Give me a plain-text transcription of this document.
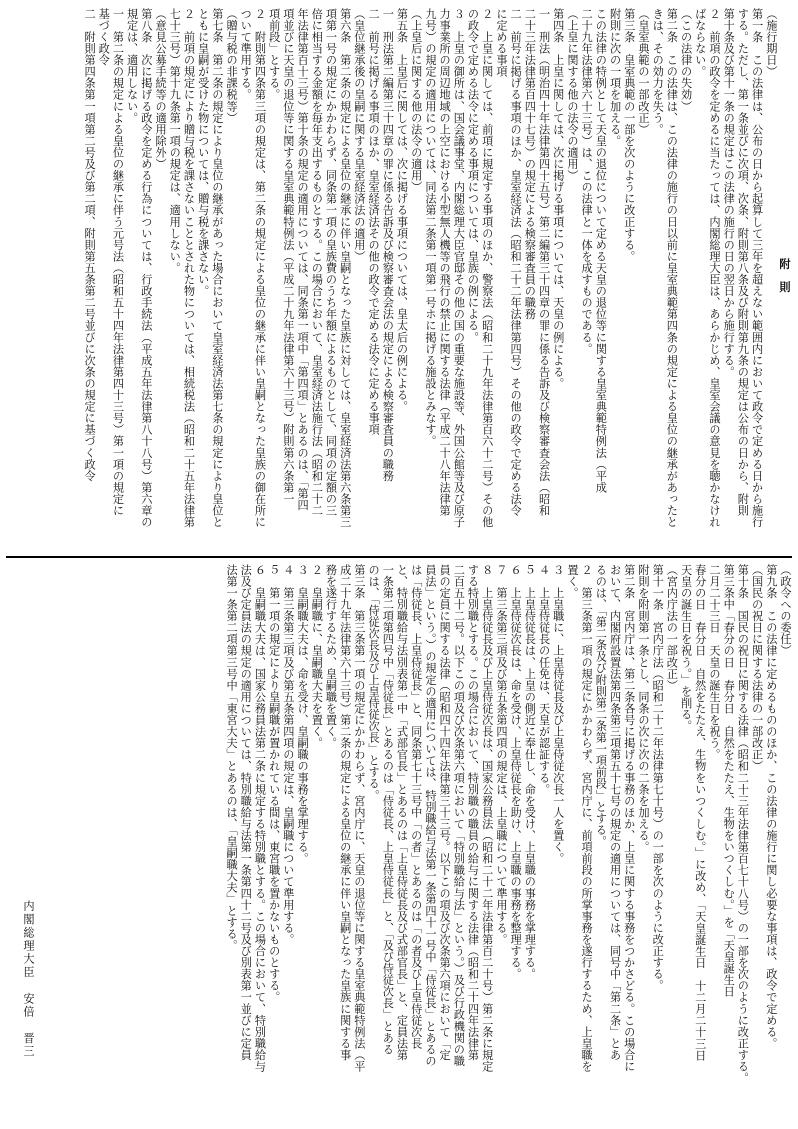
附　則
（施行期日）
第一条　この法律は、公布の日から起算して三年を超えない範囲内において政令で定める日から施行
する。ただし、第一条並びに次項、次条、附則第八条及び附則第九条の規定は公布の日から、附則
第十条及び第十一条の規定はこの法律の施行の日の翌日から施行する。
２　前項の政令を定めるに当たっては、内閣総理大臣は、あらかじめ、皇室会議の意見を聴かなけれ
ばならない。
（この法律の失効）
第二条　この法律は、この法律の施行の日以前に皇室典範第四条の規定による皇位の継承があったと
きは、その効力を失う。
（皇室典範の一部改正）
第三条　皇室典範の一部を次のように改正する。
附則に次の一項を加える。
この法律の特例として天皇の退位について定める天皇の退位等に関する皇室典範特例法（平成
二十九年法律第六十三号）は、この法律と一体を成すものである。
（上皇に関する他の法令の適用）
第四条　上皇に関しては、次に掲げる事項については、天皇の例による。
一　刑法（明治四十年法律第四十五号）第二編第三十四章の罪に係る告訴及び検察審査会法（昭和
二十三年法律第百四十七号）の規定による検察審査員の職務
二　前号に掲げる事項のほか、皇室経済法（昭和二十二年法律第四号）その他の政令で定める法令
に定める事項
２　上皇に関しては、前項に規定する事項のほか、警察法（昭和二十九年法律第百六十二号）その他
の政令で定める法令に定める事項については、皇族の例による。
３　上皇の御所は、国会議事堂、内閣総理大臣官邸その他の国の重要な施設等、外国公館等及び原子
力事業所の周辺地域の上空における小型無人機等の飛行の禁止に関する法律（平成二十八年法律第
九号）の規定の適用については、同法第二条第一項第一号ホに掲げる施設とみなす。
（上皇后に関する他の法令の適用）
第五条　上皇后に関しては、次に掲げる事項については、皇太后の例による。
一　刑法第二編第三十四章の罪に係る告訴及び検察審査会法の規定による検察審査員の職務
二　前号に掲げる事項のほか、皇室経済法その他の政令で定める法令に定める事項
（皇位継承後の皇嗣に関する皇室経済法の適用）
第六条　第二条の規定による皇位の継承に伴い皇嗣となった皇族に対しては、皇室経済法第六条第三
項第一号の規定にかかわらず、同条第一項の皇族費のうち年額によるものとして、同項の定額の三
倍に相当する金額を毎年支出するものとする。この場合において、皇室経済法施行法（昭和二十二
年法律第百十三号）第十条の規定の適用については、同条第一項中「第四項」とあるのは、「第四
項並びに天皇の退位等に関する皇室典範特例法（平成二十九年法律第六十三号）附則第六条第一
項前段」とする。
２　附則第四条第三項の規定は、第二条の規定による皇位の継承に伴い皇嗣となった皇族の御在所に
ついて準用する。
（贈与税の非課税等）
第七条　第二条の規定により皇位の継承があった場合において皇室経済法第七条の規定により皇位と
ともに皇嗣が受けた物については、贈与税を課さない。
２　前項の規定により贈与税を課さないこととされた物については、相続税法（昭和二十五年法律第
七十三号）第十九条第一項の規定は、適用しない。
（意見公募手続等の適用除外）
第八条　次に掲げる政令を定める行為については、行政手続法（平成五年法律第八十八号）第六章の
規定は、適用しない。
一　第二条の規定による皇位の継承に伴う元号法（昭和五十四年法律第四十三号）第一項の規定に
基づく政令
二　附則第四条第一項第二号及び第二項、附則第五条第二号並びに次条の規定に基づく政令
（政令への委任）
第九条　この法律に定めるもののほか、この法律の施行に関し必要な事項は、政令で定める。
（国民の祝日に関する法律の一部改正）
第十条　国民の祝日に関する法律（昭和二十三年法律第百七十八号）の一部を次のように改正する。
第三条中「春分の日　春分日　自然をたたえ、生物をいつくしむ。」を「天皇誕生日
二月二十三日　天皇の誕生日を祝う。
春分の日　春分日　自然をたたえ、生物をいつくしむ。」に改め、「天皇誕生日　十二月二十三日
天皇の誕生日を祝う。」を削る。
（宮内庁法の一部改正）
第十一条　宮内庁法（昭和二十二年法律第七十号）の一部を次のように改正する。
附則を附則第一条とし、同条の次に次の二条を加える。
第二条　宮内庁は、第二条各号に掲げる事務のほか、上皇に関する事務をつかさどる。この場合に
おいて、内閣府設置法第四条第三項第五十七号の規定の適用については、同号中「第二条」とあ
るのは、「第二条及び附則第二条第一項前段」とする。
２　第三条第一項の規定にかかわらず、宮内庁に、前項前段の所掌事務を遂行するため、上皇職を
置く。
３　上皇職に、上皇侍従長及び上皇侍従次長一人を置く。
４　上皇侍従長の任免は、天皇が認証する。
５　上皇侍従長は、上皇の側近に奉仕し、命を受け、上皇職の事務を掌理する。
６　上皇侍従次長は、命を受け、上皇侍従長を助け、上皇職の事務を整理する。
７　第三条第三項及び第五条第四項の規定は、上皇職について準用する。
８　上皇侍従長及び上皇侍従次長は、国家公務員法（昭和二十二年法律第百二十号）第二条に規定
する特別職とする。この場合において、特別職の職員の給与に関する法律（昭和二十四年法律第
二百五十二号。以下この項及び次条第六項において「特別職給与法」という。）及び行政機関の職
員の定員に関する法律（昭和四十四年法律第三十三号。以下この項及び次条第六項において「定
員法」という。）の規定の適用については、特別職給与法第一条第四十一号中「侍従長」とあるの
は「侍従長、上皇侍従長」と、同条第七十三号中「の者」とあるのは「の者及び上皇侍従次長
と、特別職給与法別表第一中「式部官長」とあるのは「上皇侍従長及び式部官長」と、定員法第
一条第二項第四号中「侍従長」とあるのは「侍従長、上皇侍従長」と、「及び侍従次長」とある
のは、「侍従次長及び上皇侍従次長」とする。
第三条　第三条第一項の規定にかかわらず、宮内庁に、天皇の退位等に関する皇室典範特例法（平
成二十九年法律第六十三号）第二条の規定による皇位の継承に伴い皇嗣となった皇族に関する事
務を遂行するため、皇嗣職を置く。
２　皇嗣職に、皇嗣職大夫を置く。
３　皇嗣職大夫は、命を受け、皇嗣職の事務を掌理する。
４　第三条第三項及び第五条第四項の規定は、皇嗣職について準用する。
５　第一項の規定により皇嗣職が置かれている間は、東宮職を置かないものとする。
６　皇嗣職大夫は、国家公務員法第二条に規定する特別職とする。この場合において、特別職給与
法及び定員法の規定の適用については、特別職給与法第一条第四十二号及び別表第一並びに定員
法第一条第二項第三号中「東宮大夫」とあるのは、「皇嗣職大夫」とする。
内閣総理大臣　安倍　晋三
